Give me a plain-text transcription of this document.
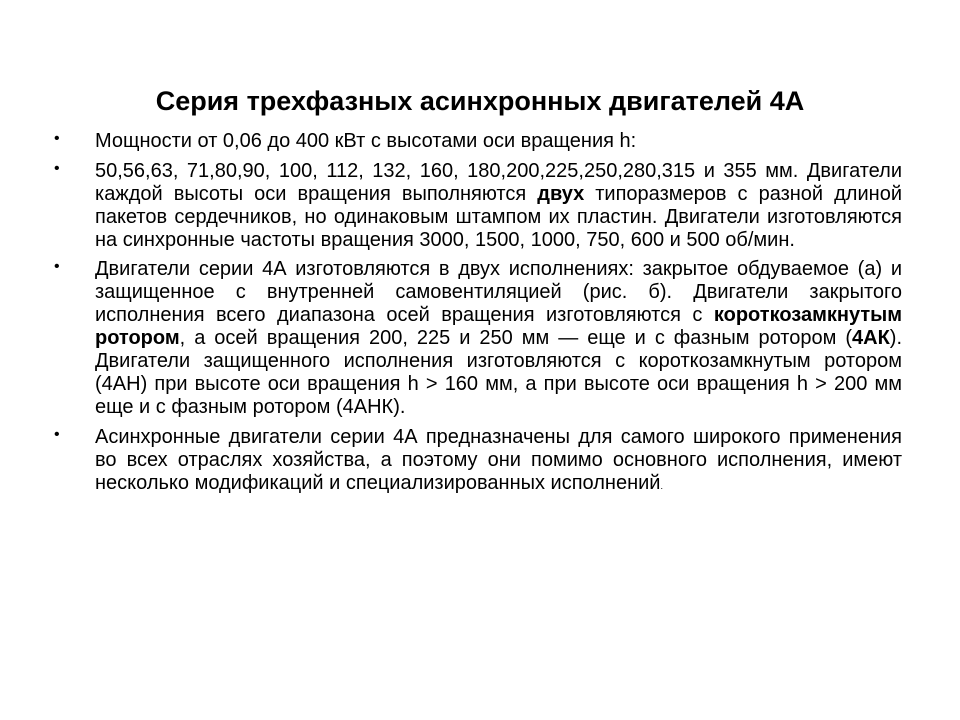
Серия трехфазных асинхронных двигателей 4А
• Мощности от 0,06 до 400 кВт с высотами оси вращения h:
• 50,56,63, 71,80,90, 100, 112, 132, 160, 180,200,225,250,280,315 и 355 мм. Двигатели каждой высоты оси вращения выполняются двух типоразмеров с разной длиной пакетов сердечников, но одинаковым штампом их пластин. Двигатели изготовляются на синхронные частоты вращения 3000, 1500, 1000, 750, 600 и 500 об/мин.
• Двигатели серии 4А изготовляются в двух исполнениях: закрытое обдуваемое (а) и защищенное с внутренней самовентиляцией (рис. б). Двигатели закрытого исполнения всего диапазона осей вращения изготовляются с короткозамкнутым ротором, а осей вращения 200, 225 и 250 мм — еще и с фазным ротором (4АК). Двигатели защищенного исполнения изготовляются с короткозамкнутым ротором (4АН) при высоте оси вращения h > 160 мм, а при высоте оси вращения h > 200 мм еще и с фазным ротором (4АНК).
• Асинхронные двигатели серии 4А предназначены для самого широкого применения во всех отраслях хозяйства, а поэтому они помимо основного исполнения, имеют несколько модификаций и специализированных исполнений.
